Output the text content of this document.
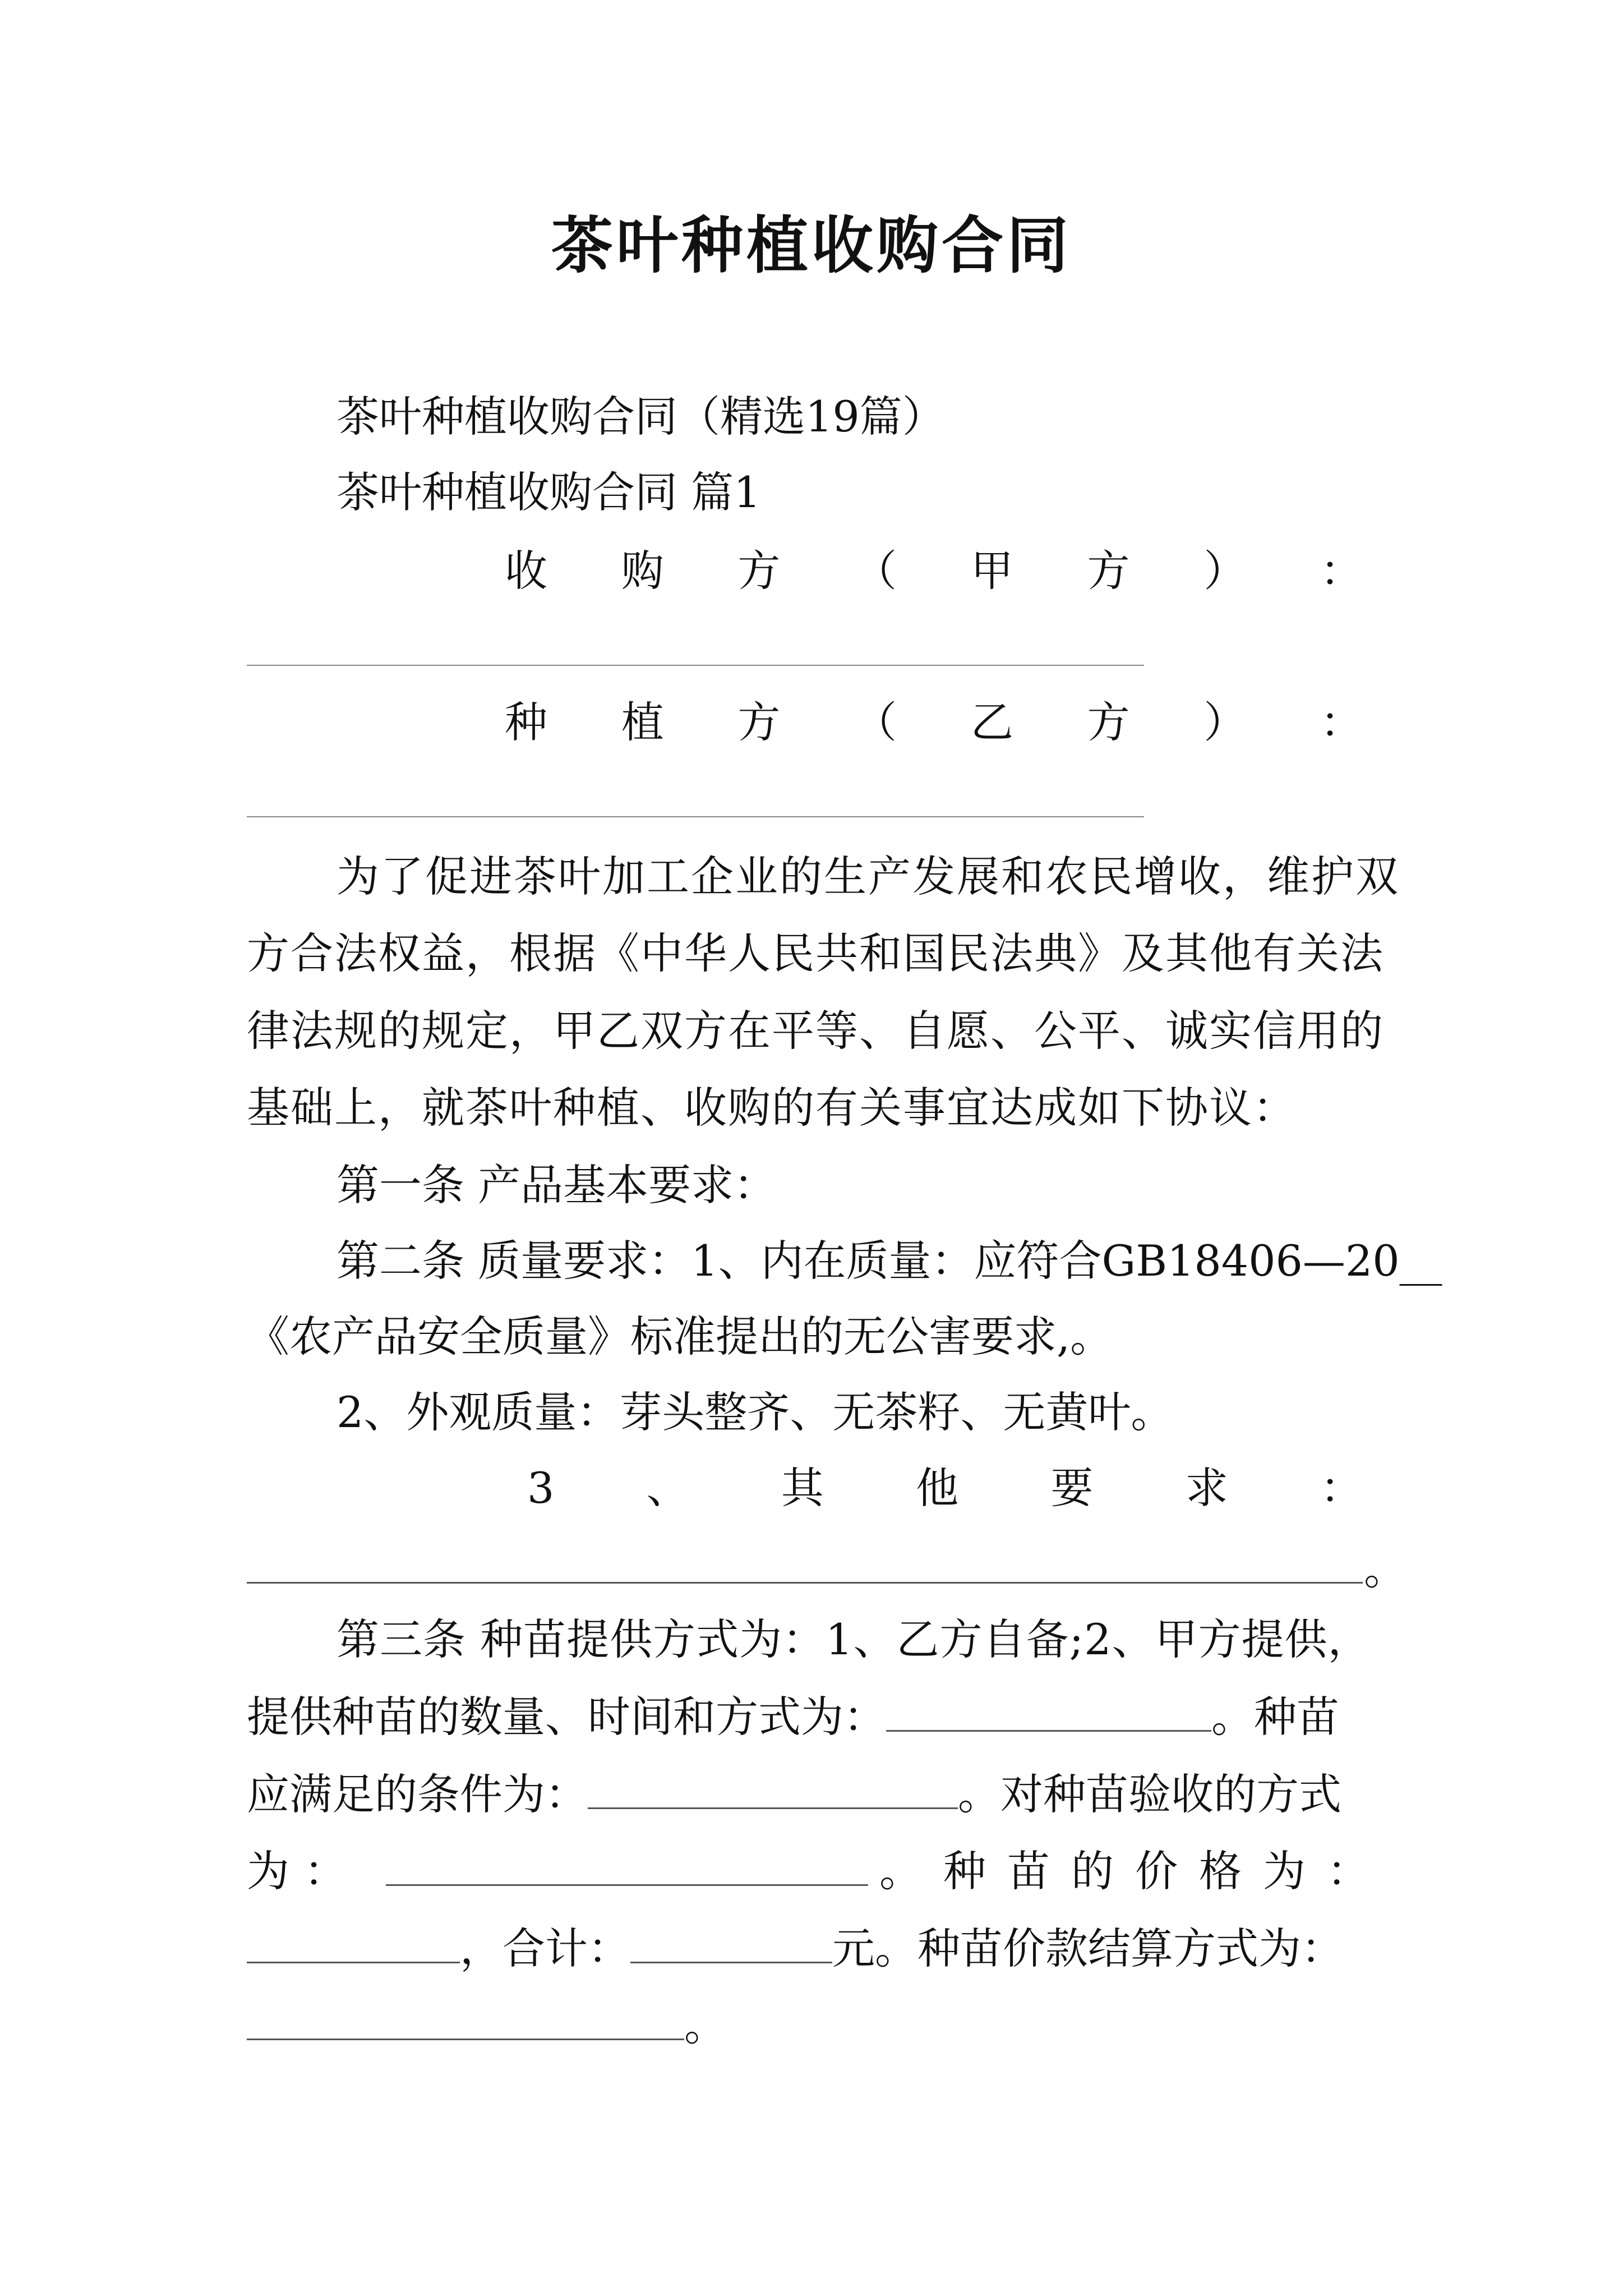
茶叶种植收购合同
茶叶种植收购合同（精选19篇）
茶叶种植收购合同 篇1
收 购 方 （ 甲 方 ） ：
种 植 方 （ 乙 方 ） ：
为了促进茶叶加工企业的生产发展和农民增收，维护双
方合法权益，根据《中华人民共和国民法典》及其他有关法
律法规的规定，甲乙双方在平等、自愿、公平、诚实信用的
基础上，就茶叶种植、收购的有关事宜达成如下协议：
第一条 产品基本要求：
第二条 质量要求：1、内在质量：应符合GB18406—20__
《农产品安全质量》标准提出的无公害要求,。
2、外观质量：芽头整齐、无茶籽、无黄叶。
3 、 其 他 要 求 ：
。
第三条 种苗提供方式为：1、乙方自备;2、甲方提供，
提供种苗的数量、时间和方式为：	。种苗
应满足的条件为：	。对种苗验收的方式
为：	。种苗的价格为：
，合计：	元。种苗价款结算方式为：
。
